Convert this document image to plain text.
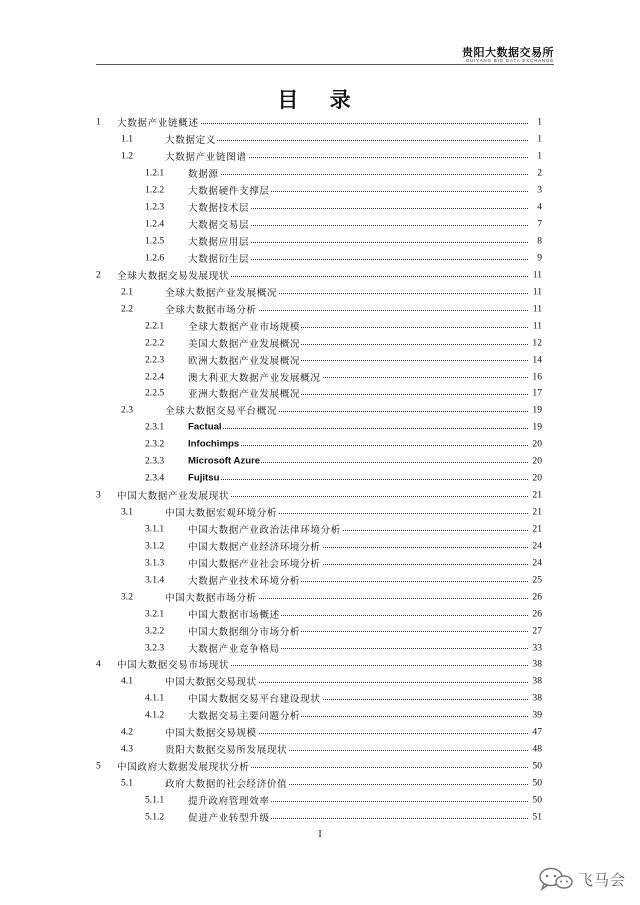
贵阳大数据交易所
GUIYANG BIG DATA EXCHANGE
目 录
1 大数据产业链概述	1
1.1	大数据定义	1
1.2	大数据产业链图谱	1
1.2.1 数据源	2
1.2.2 大数据硬件支撑层	3
1.2.3 大数据技术层	4
1.2.4 大数据交易层	7
1.2.5 大数据应用层	8
1.2.6 大数据衍生层	9
2 全球大数据交易发展现状	11
2.1	全球大数据产业发展概况	11
2.2	全球大数据市场分析	11
2.2.1 全球大数据产业市场规模	11
2.2.2 美国大数据产业发展概况	12
2.2.3 欧洲大数据产业发展概况	14
2.2.4 澳大利亚大数据产业发展概况	16
2.2.5 亚洲大数据产业发展概况	17
2.3	全球大数据交易平台概况	19
2.3.1 Factual	19
2.3.2 Infochimps	20
2.3.3 Microsoft Azure	20
2.3.4 Fujitsu	20
3 中国大数据产业发展现状	21
3.1	中国大数据宏观环境分析	21
3.1.1 中国大数据产业政治法律环境分析	21
3.1.2 中国大数据产业经济环境分析	24
3.1.3 中国大数据产业社会环境分析	24
3.1.4 大数据产业技术环境分析	25
3.2	中国大数据市场分析	26
3.2.1 中国大数据市场概述	26
3.2.2 中国大数据细分市场分析	27
3.2.3 大数据产业竞争格局	33
4 中国大数据交易市场现状	38
4.1	中国大数据交易现状	38
4.1.1 中国大数据交易平台建设现状	38
4.1.2 大数据交易主要问题分析	39
4.2	中国大数据交易规模	47
4.3	贵阳大数据交易所发展现状	48
5 中国政府大数据发展现状分析	50
5.1	政府大数据的社会经济价值	50
5.1.1 提升政府管理效率	50
5.1.2 促进产业转型升级	51
I
飞马会
